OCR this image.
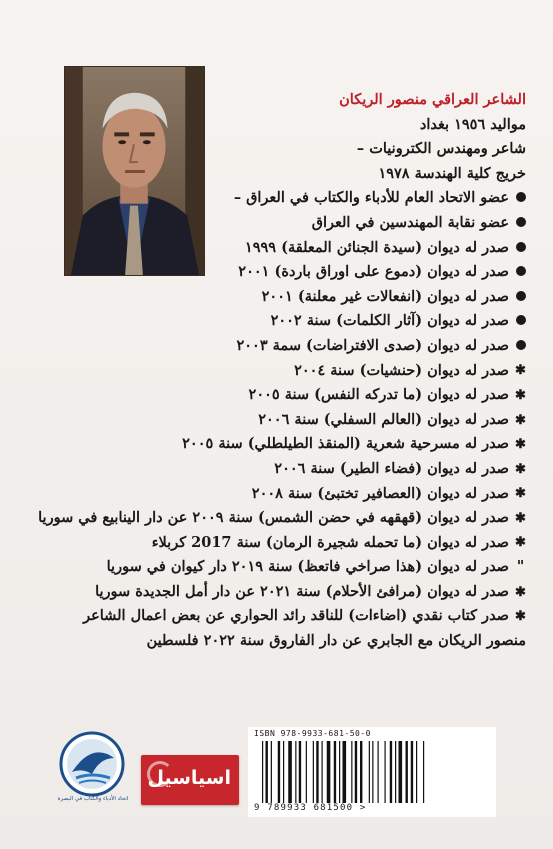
الشاعر العراقي منصور الريكان
مواليد ١٩٥٦ بغداد
شاعر ومهندس الكترونيات –
خريج كلية الهندسة ١٩٧٨
عضو الاتحاد العام للأدباء والكتاب في العراق –
عضو نقابة المهندسين في العراق
صدر له ديوان (سيدة الجنائن المعلقة) ١٩٩٩
صدر له ديوان (دموع على اوراق باردة) ٢٠٠١
صدر له ديوان (انفعالات غير معلنة) ٢٠٠١
صدر له ديوان (آثار الكلمات) سنة ٢٠٠٢
صدر له ديوان (صدى الافتراضات) سمة ٢٠٠٣
✱
صدر له ديوان (حنشيات) سنة ٢٠٠٤
✱
صدر له ديوان (ما تدركه النفس) سنة ٢٠٠٥
✱
صدر له ديوان (العالم السفلي) سنة ٢٠٠٦
✱
صدر له مسرحية شعرية (المنقذ الطيلطلي) سنة ٢٠٠٥
✱
صدر له ديوان (فضاء الطير) سنة ٢٠٠٦
✱
صدر له ديوان (العصافير تختبئ) سنة ٢٠٠٨
✱
صدر له ديوان (قهقهه في حضن الشمس) سنة ٢٠٠٩ عن دار الينابيع في سوريا
✱
صدر له ديوان (ما تحمله شجيرة الرمان) سنة 2017 كربلاء
"
صدر له ديوان (هذا صراخي فاتعظ) سنة ٢٠١٩ دار كيوان في سوريا
✱
صدر له ديوان (مرافئ الأحلام) سنة ٢٠٢١ عن دار أمل الجديدة سوريا
✱
صدر كتاب نقدي (اضاءات) للناقد رائد الحواري عن بعض اعمال الشاعر
منصور الريكان مع الجابري عن دار الفاروق سنة ٢٠٢٢ فلسطين
اتحاد الأدباء والكتاب في البصرة
اسياسيل
ISBN 978-9933-681-50-0
9 789933 681500 >
